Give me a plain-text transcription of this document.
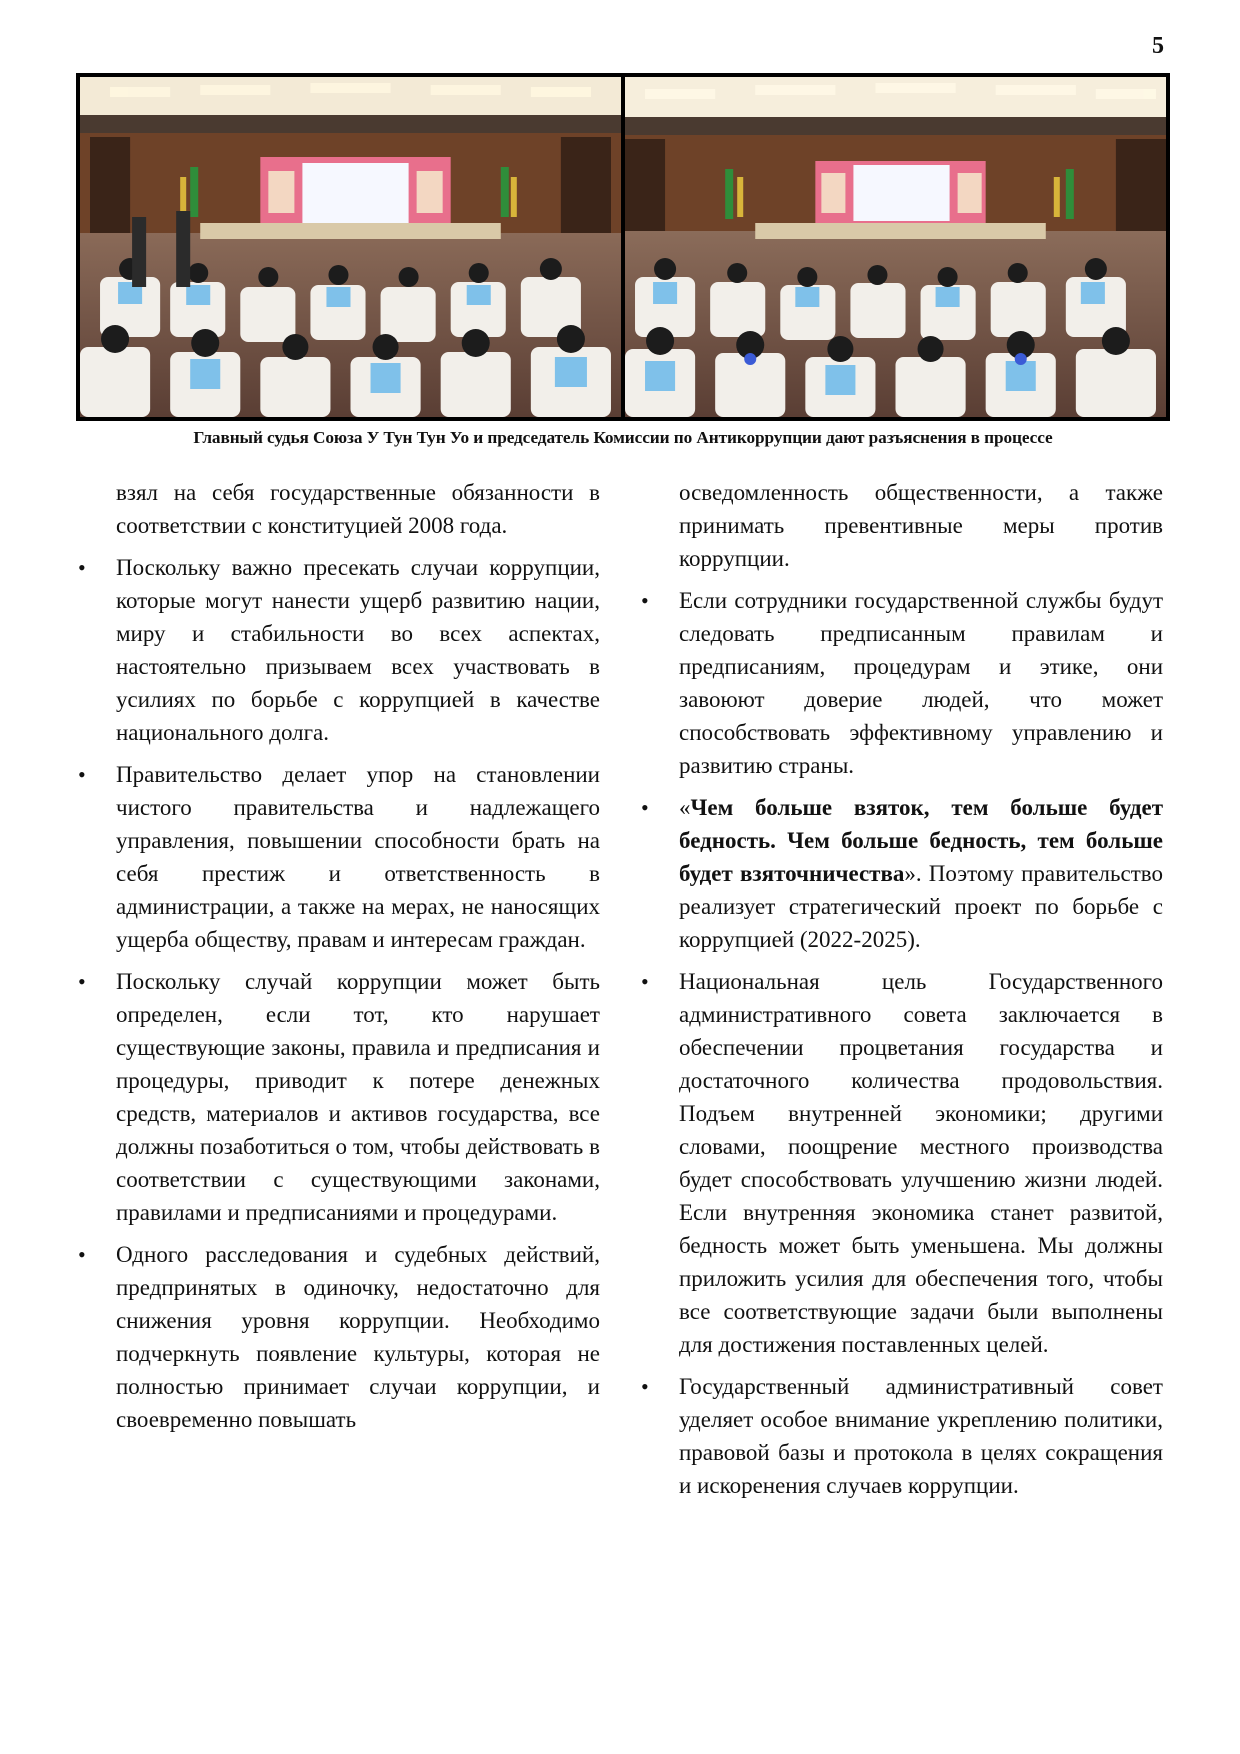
5
Главный судья Союза У Тун Тун Уо и председатель Комиссии по Антикоррупции дают разъяснения в процессе

взял на себя государственные обязанности в соответствии с конституцией 2008 года.

• Поскольку важно пресекать случаи коррупции, которые могут нанести ущерб развитию нации, миру и стабильности во всех аспектах, настоятельно призываем всех участвовать в усилиях по борьбе с коррупцией в качестве национального долга.
• Правительство делает упор на становлении чистого правительства и надлежащего управления, повышении способности брать на себя престиж и ответственность в администрации, а также на мерах, не наносящих ущерба обществу, правам и интересам граждан.
• Поскольку случай коррупции может быть определен, если тот, кто нарушает существующие законы, правила и предписания и процедуры, приводит к потере денежных средств, материалов и активов государства, все должны позаботиться о том, чтобы действовать в соответствии с существующими законами, правилами и предписаниями и процедурами.
• Одного расследования и судебных действий, предпринятых в одиночку, недостаточно для снижения уровня коррупции. Необходимо подчеркнуть появление культуры, которая не полностью принимает случаи коррупции, и своевременно повышать

осведомленность общественности, а также принимать превентивные меры против коррупции.

• Если сотрудники государственной службы будут следовать предписанным правилам и предписаниям, процедурам и этике, они завоюют доверие людей, что может способствовать эффективному управлению и развитию страны.
• «Чем больше взяток, тем больше будет бедность. Чем больше бедность, тем больше будет взяточничества». Поэтому правительство реализует стратегический проект по борьбе с коррупцией (2022-2025).
• Национальная цель Государственного административного совета заключается в обеспечении процветания государства и достаточного количества продовольствия. Подъем внутренней экономики; другими словами, поощрение местного производства будет способствовать улучшению жизни людей. Если внутренняя экономика станет развитой, бедность может быть уменьшена. Мы должны приложить усилия для обеспечения того, чтобы все соответствующие задачи были выполнены для достижения поставленных целей.
• Государственный административный совет уделяет особое внимание укреплению политики, правовой базы и протокола в целях сокращения и искоренения случаев коррупции.
